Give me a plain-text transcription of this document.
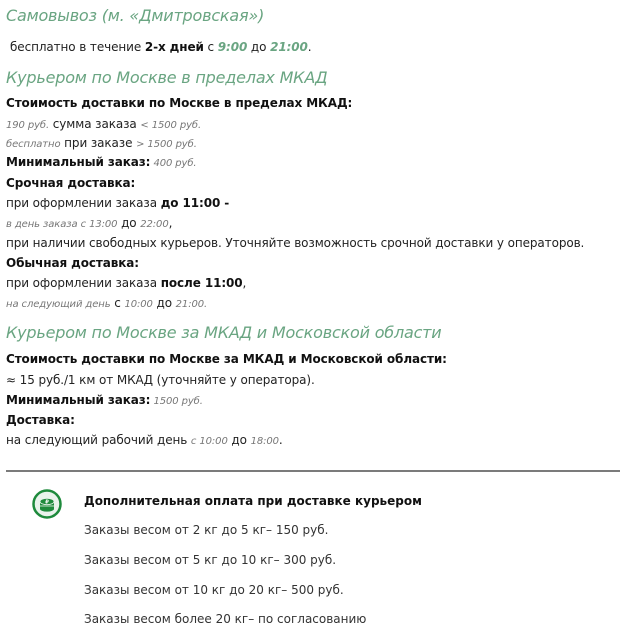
Самовывоз (м. «Дмитровская»)
бесплатно в течение 2-х дней с 9:00 до 21:00.
Курьером по Москве в пределах МКАД
Стоимость доставки по Москве в пределах МКАД:
190 руб. сумма заказа < 1500 руб.
бесплатно при заказе > 1500 руб.
Минимальный заказ: 400 руб.
Срочная доставка:
при оформлении заказа до 11:00 -
в день заказа с 13:00 до 22:00,
при наличии свободных курьеров. Уточняйте возможность срочной доставки у операторов.
Обычная доставка:
при оформлении заказа после 11:00,
на следующий день с 10:00 до 21:00.
Курьером по Москве за МКАД и Московской области
Стоимость доставки по Москве за МКАД и Московской области:
≈ 15 руб./1 км от МКАД (уточняйте у оператора).
Минимальный заказ: 1500 руб.
Доставка:
на следующий рабочий день с 10:00 до 18:00.
₽	Дополнительная оплата при доставке курьером
Заказы весом от 2 кг до 5 кг– 150 руб.
Заказы весом от 5 кг до 10 кг– 300 руб.
Заказы весом от 10 кг до 20 кг– 500 руб.
Заказы весом более 20 кг– по согласованию
